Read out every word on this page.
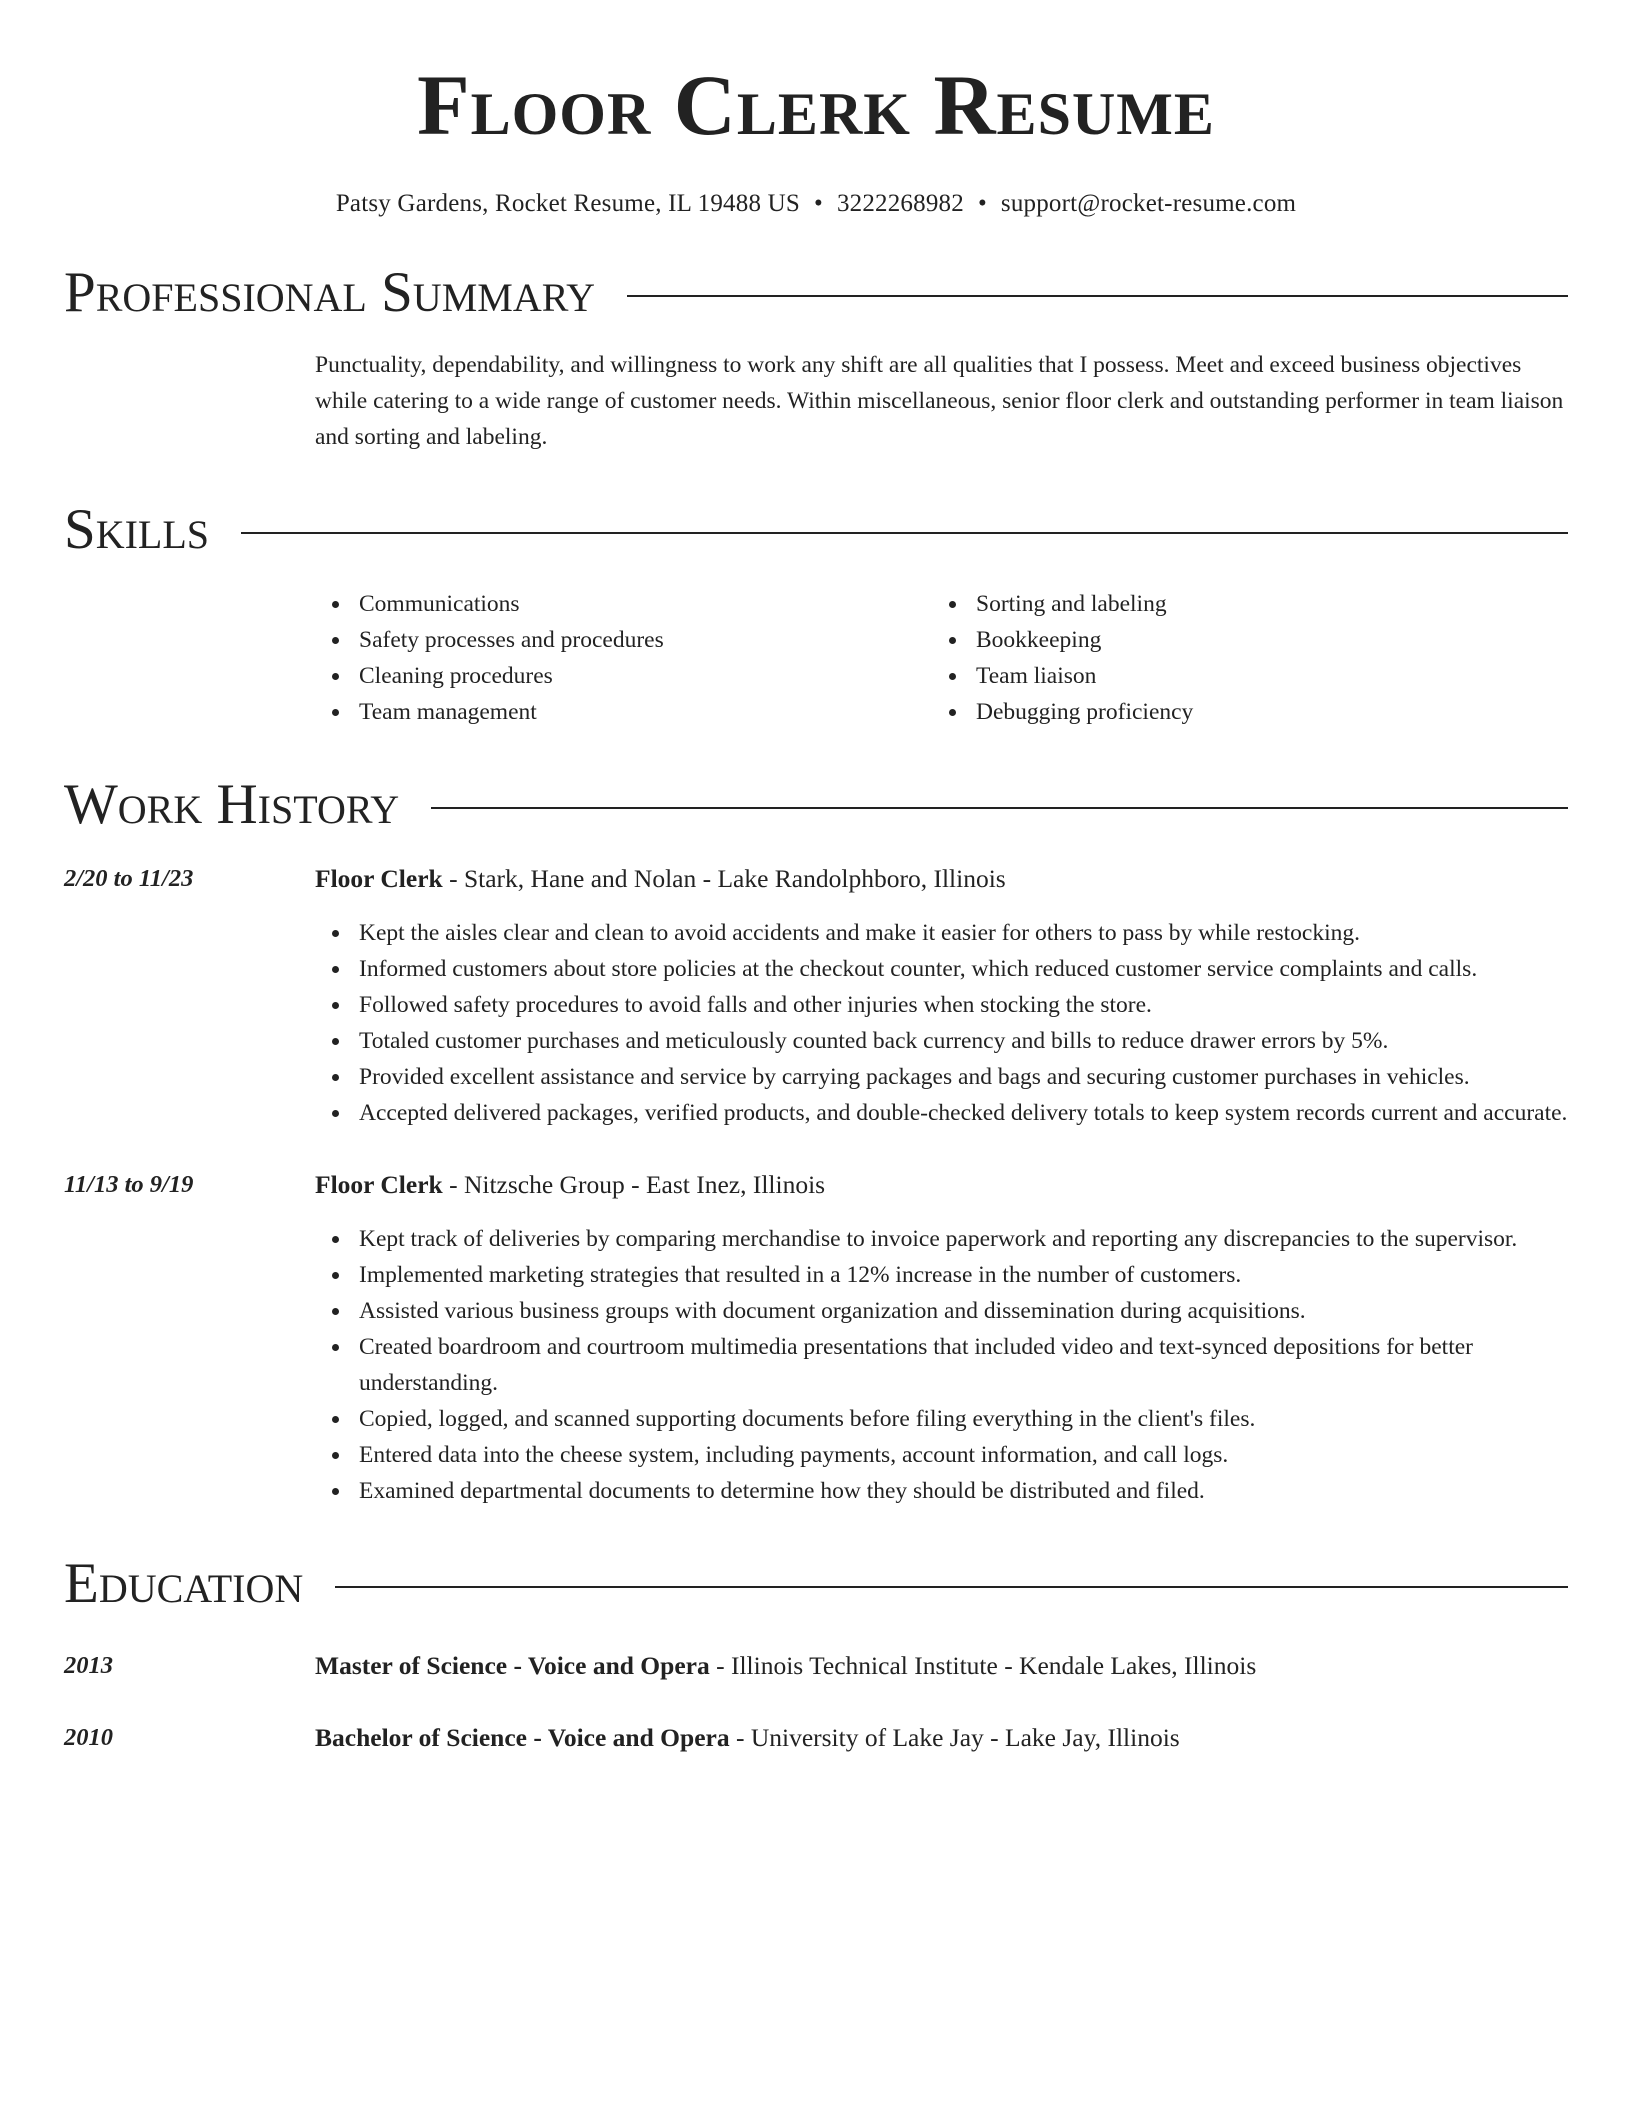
Floor Clerk Resume
Patsy Gardens, Rocket Resume, IL 19488 US • 3222268982 • support@rocket-resume.com
Professional Summary

Punctuality, dependability, and willingness to work any shift are all qualities that I possess. Meet and exceed business objectives while catering to a wide range of customer needs. Within miscellaneous, senior floor clerk and outstanding performer in team liaison and sorting and labeling.

Skills
Communications
Safety processes and procedures
Cleaning procedures
Team management
Sorting and labeling
Bookkeeping
Team liaison
Debugging proficiency
Work History
2/20 to 11/23	Floor Clerk - Stark, Hane and Nolan - Lake Randolphboro, Illinois
Kept the aisles clear and clean to avoid accidents and make it easier for others to pass by while restocking.
Informed customers about store policies at the checkout counter, which reduced customer service complaints and calls.
Followed safety procedures to avoid falls and other injuries when stocking the store.
Totaled customer purchases and meticulously counted back currency and bills to reduce drawer errors by 5%.
Provided excellent assistance and service by carrying packages and bags and securing customer purchases in vehicles.
Accepted delivered packages, verified products, and double-checked delivery totals to keep system records current and accurate.
11/13 to 9/19	Floor Clerk - Nitzsche Group - East Inez, Illinois
Kept track of deliveries by comparing merchandise to invoice paperwork and reporting any discrepancies to the supervisor.
Implemented marketing strategies that resulted in a 12% increase in the number of customers.
Assisted various business groups with document organization and dissemination during acquisitions.
Created boardroom and courtroom multimedia presentations that included video and text-synced depositions for better understanding.
Copied, logged, and scanned supporting documents before filing everything in the client's files.
Entered data into the cheese system, including payments, account information, and call logs.
Examined departmental documents to determine how they should be distributed and filed.
Education
2013	Master of Science - Voice and Opera - Illinois Technical Institute - Kendale Lakes, Illinois
2010	Bachelor of Science - Voice and Opera - University of Lake Jay - Lake Jay, Illinois
